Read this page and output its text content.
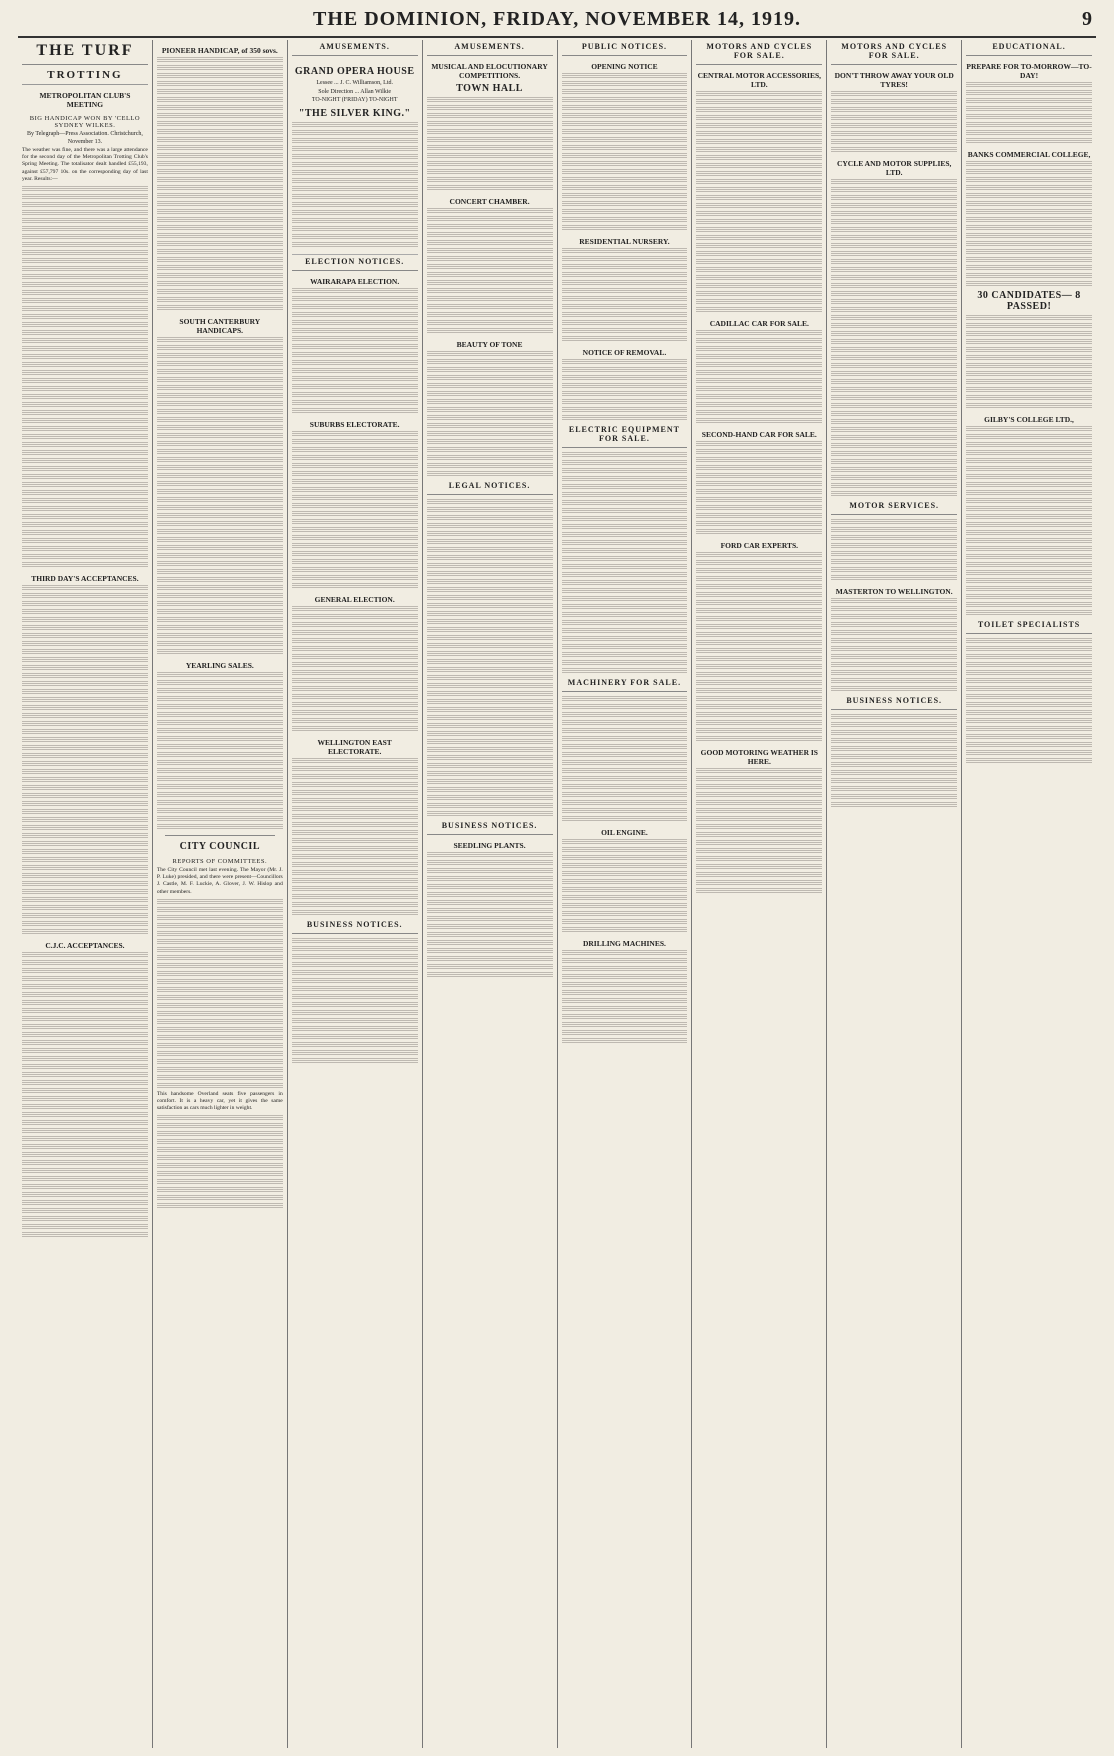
THE DOMINION, FRIDAY, NOVEMBER 14, 1919.	9
THE TURF
TROTTING
METROPOLITAN CLUB'S MEETING
BIG HANDICAP WON BY 'CELLO SYDNEY WILKES.
By Telegraph—Press Association. Christchurch, November 13.
The weather was fine, and there was a large attendance for the second day of the Metropolitan Trotting Club's Spring Meeting. The totalisator dealt handled £55,193, against £57,797 10s. on the corresponding day of last year. Results:—
THIRD DAY'S ACCEPTANCES.
C.J.C. ACCEPTANCES.
PIONEER HANDICAP, of 350 sovs.
SOUTH CANTERBURY HANDICAPS.
YEARLING SALES.
CITY COUNCIL
REPORTS OF COMMITTEES.
The City Council met last evening. The Mayor (Mr. J. P. Luke) presided, and there were present—Councillors J. Castle, M. F. Luckie, A. Glover, J. W. Hislop and other members.
This handsome Overland seats five passengers in comfort. It is a heavy car, yet it gives the same satisfaction as cars much lighter in weight.
AMUSEMENTS.
GRAND OPERA HOUSE
Lessee ... J. C. Williamson, Ltd.
Sole Direction ... Allan Wilkie
TO-NIGHT (FRIDAY) TO-NIGHT
"THE SILVER KING."
ELECTION NOTICES.
WAIRARAPA ELECTION.
SUBURBS ELECTORATE.
GENERAL ELECTION.
WELLINGTON EAST ELECTORATE.
BUSINESS NOTICES.
AMUSEMENTS.
MUSICAL AND ELOCUTIONARY COMPETITIONS.
TOWN HALL
CONCERT CHAMBER.
BEAUTY OF TONE
LEGAL NOTICES.
BUSINESS NOTICES.
SEEDLING PLANTS.
PUBLIC NOTICES.
OPENING NOTICE
RESIDENTIAL NURSERY.
NOTICE OF REMOVAL.
ELECTRIC EQUIPMENT FOR SALE.
MACHINERY FOR SALE.
OIL ENGINE.
DRILLING MACHINES.
MOTORS AND CYCLES FOR SALE.
CENTRAL MOTOR ACCESSORIES, LTD.
CADILLAC CAR FOR SALE.
SECOND-HAND CAR FOR SALE.
FORD CAR EXPERTS.
GOOD MOTORING WEATHER IS HERE.
MOTORS AND CYCLES FOR SALE.
DON'T THROW AWAY YOUR OLD TYRES!
CYCLE AND MOTOR SUPPLIES, LTD.
MOTOR SERVICES.
MASTERTON TO WELLINGTON.
BUSINESS NOTICES.
EDUCATIONAL.
PREPARE FOR TO-MORROW—TO-DAY!
BANKS COMMERCIAL COLLEGE,
30 CANDIDATES— 8 PASSED!
GILBY'S COLLEGE LTD.,
TOILET SPECIALISTS
